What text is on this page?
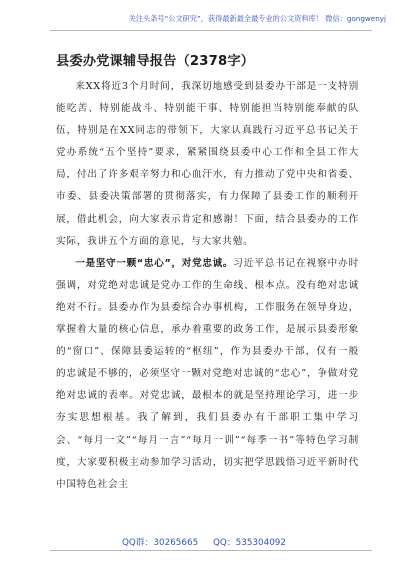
关注头条号“公文研究”，获得最新最全最专业的公文资料库！ 微信：gongwenyj
县委办党课辅导报告（2378字）

来XX将近3个月时间，我深切地感受到县委办干部是一支特别能吃苦、特别能战斗、特别能干事、特别能担当特别能奉献的队伍，特别是在XX同志的带领下，大家认真践行习近平总书记关于党办系统“五个坚持”要求，紧紧围绕县委中心工作和全县工作大局，付出了许多艰辛努力和心血汗水，有力推动了党中央和省委、市委、县委决策部署的贯彻落实，有力保障了县委工作的顺利开展，借此机会，向大家表示肯定和感谢！下面，结合县委办的工作实际，我讲五个方面的意见，与大家共勉。

一是坚守一颗“忠心”，对党忠诚。习近平总书记在视察中办时强调，对党绝对忠诚是党办工作的生命线、根本点。没有绝对忠诚绝对不行。县委办作为县委综合办事机构，工作服务在领导身边，掌握着大量的核心信息，承办着重要的政务工作，是展示县委形象的“窗口”、保障县委运转的“枢纽”，作为县委办干部，仅有一般的忠诚是不够的，必须坚守一颗对党绝对忠诚的“忠心”，争做对党绝对忠诚的表率。对党忠诚，最根本的就是坚持理论学习，进一步夯实思想根基。我了解到，我们县委办有干部职工集中学习会、“每月一文”“每月一言”“每月一训”“每季一书”等特色学习制度，大家要积极主动参加学习活动，切实把学思践悟习近平新时代中国特色社会主

QQ群：30265665 QQ：535304092
